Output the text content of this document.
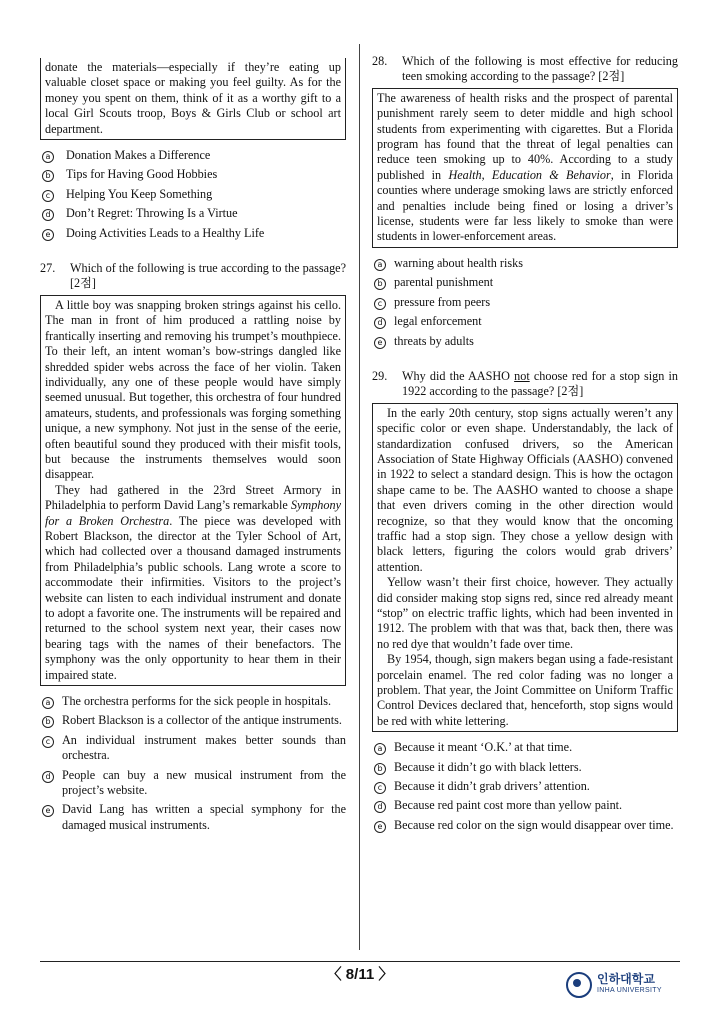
donate the materials—especially if they’re eating up valuable closet space or making you feel guilty. As for the money you spent on them, think of it as a worthy gift to a local Girl Scouts troop, Boys & Girls Club or school art department.

a Donation Makes a Difference
b Tips for Having Good Hobbies
c	Helping You Keep Something
d Don’t Regret: Throwing Is a Virtue
e Doing Activities Leads to a Healthy Life
27.	Which of the following is true according to the passage? [2점]

A little boy was snapping broken strings against his cello. The man in front of him produced a rattling noise by frantically inserting and removing his trumpet’s mouthpiece. To their left, an intent woman’s bow-strings dangled like shredded spider webs across the face of her violin. Taken individually, any one of these people would have simply seemed unusual. But together, this orchestra of four hundred amateurs, students, and professionals was forging something unique, a new symphony. Not just in the sense of the eerie, often beautiful sound they produced with their misfit tools, but because the instruments themselves would soon disappear.

They had gathered in the 23rd Street Armory in Philadelphia to perform David Lang’s remarkable Symphony for a Broken Orchestra. The piece was developed with Robert Blackson, the director at the Tyler School of Art, which had collected over a thousand damaged instruments from Philadelphia’s public schools. Lang wrote a score to accommodate their infirmities. Visitors to the project’s website can listen to each individual instrument and donate to adopt a favorite one. The instruments will be repaired and returned to the school system next year, their cases now bearing tags with the names of their benefactors. The symphony was the only opportunity to hear them in their impaired state.

a The orchestra performs for the sick people in hospitals.
b Robert Blackson is a collector of the antique instruments.
c An individual instrument makes better sounds than orchestra.
d People can buy a new musical instrument from the project’s website.
e David Lang has written a special symphony for the damaged musical instruments.
28.	Which of the following is most effective for reducing teen smoking according to the passage? [2점]

The awareness of health risks and the prospect of parental punishment rarely seem to deter middle and high school students from experimenting with cigarettes. But a Florida program has found that the threat of legal penalties can reduce teen smoking up to 40%. According to a study published in Health, Education & Behavior, in Florida counties where underage smoking laws are strictly enforced and penalties include being fined or losing a driver’s license, students were far less likely to smoke than were students in lower-enforcement areas.

a warning about health risks
b parental punishment
c pressure from peers
d legal enforcement
e threats by adults
29.	Why did the AASHO not choose red for a stop sign in 1922 according to the passage? [2점]

In the early 20th century, stop signs actually weren’t any specific color or even shape. Understandably, the lack of standardization confused drivers, so the American Association of State Highway Officials (AASHO) convened in 1922 to select a standard design. This is how the octagon shape came to be. The AASHO wanted to choose a shape that even drivers coming in the other direction would recognize, so that they would know that the oncoming traffic had a stop sign. They chose a yellow design with black letters, figuring the colors would grab drivers’ attention.

Yellow wasn’t their first choice, however. They actually did consider making stop signs red, since red already meant “stop” on electric traffic lights, which had been invented in 1912. The problem with that was that, back then, there was no red dye that wouldn’t fade over time.

By 1954, though, sign makers began using a fade-resistant porcelain enamel. The red color fading was no longer a problem. That year, the Joint Committee on Uniform Traffic Control Devices declared that, henceforth, stop signs would be red with white lettering.

a Because it meant ‘O.K.’ at that time.
b Because it didn’t go with black letters.
c Because it didn’t grab drivers’ attention.
d Because red paint cost more than yellow paint.
e Because red color on the sign would disappear over time.
〈 8/11 〉	인하대학교
INHA UNIVERSITY
